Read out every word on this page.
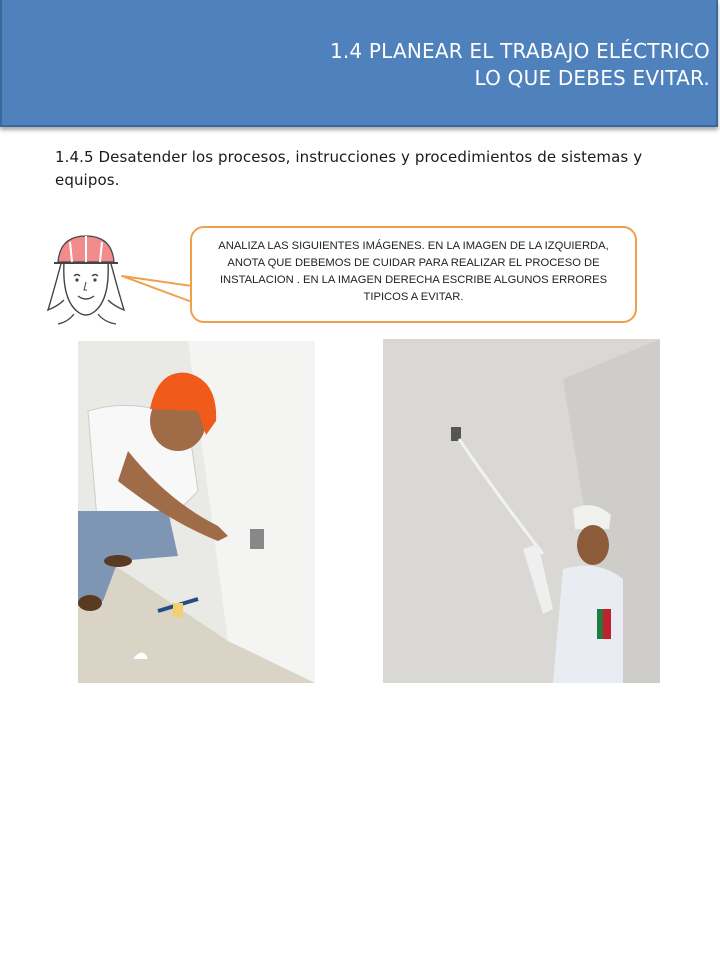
1.4 PLANEAR EL TRABAJO ELÉCTRICO
LO QUE DEBES EVITAR.
1.4.5 Desatender los procesos, instrucciones y procedimientos de sistemas y equipos.
ANALIZA LAS SIGUIENTES IMÁGENES. EN LA IMAGEN DE LA IZQUIERDA, ANOTA QUE DEBEMOS DE CUIDAR PARA REALIZAR EL PROCESO DE INSTALACION . EN LA IMAGEN DERECHA ESCRIBE ALGUNOS ERRORES TIPICOS A EVITAR.
